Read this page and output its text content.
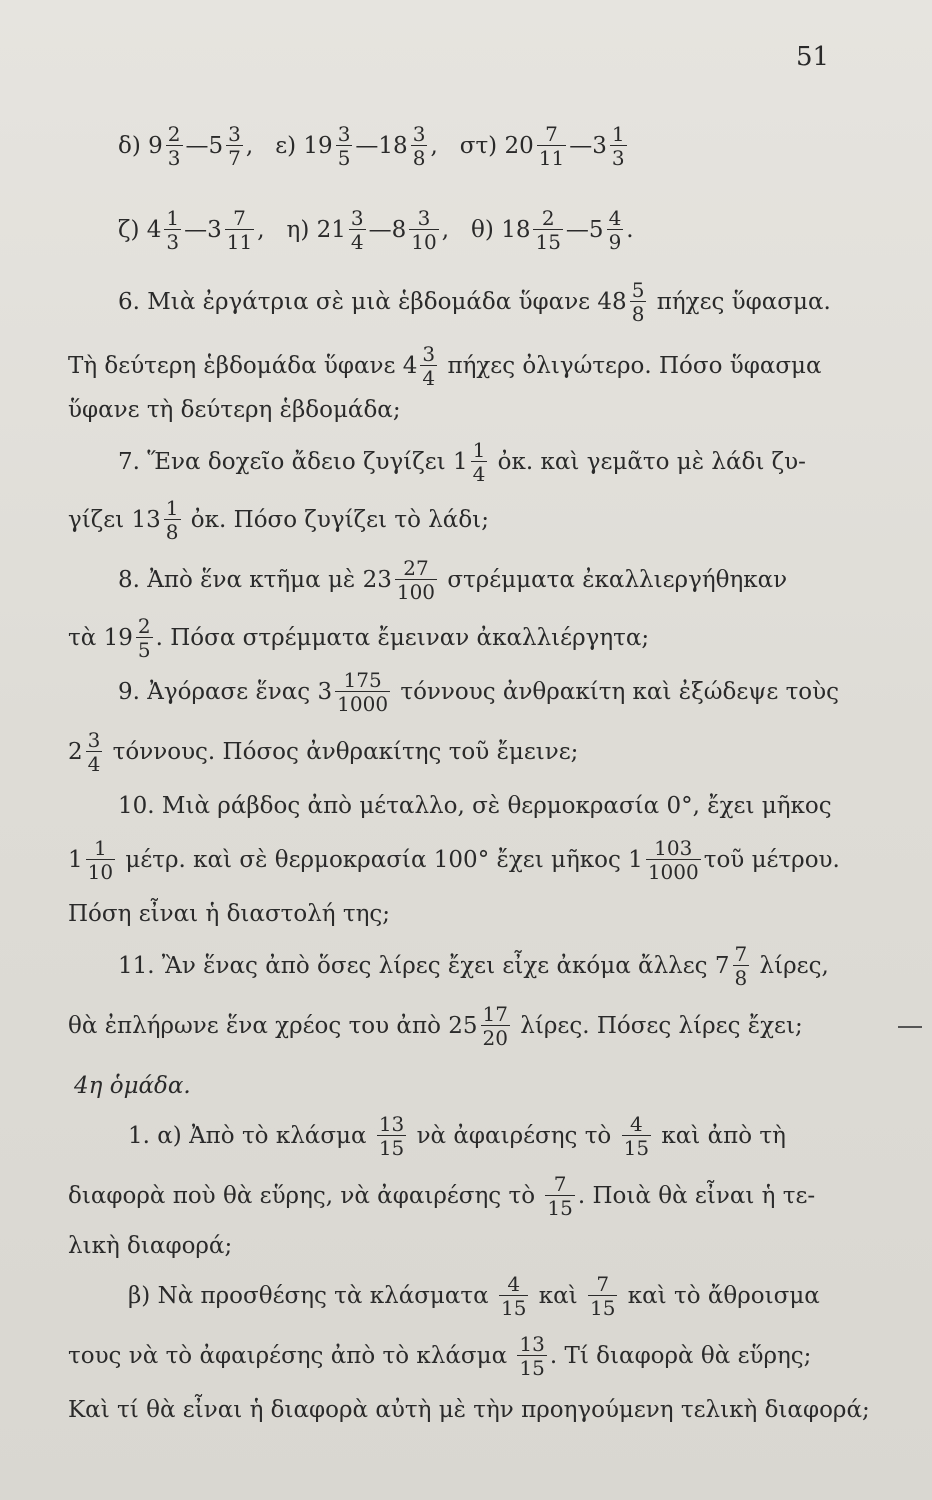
51
δ)
$9 \frac{2}{3}$ — $5 \frac{3}{7}$ , ε)
$19 \frac{3}{5}$ — $18 \frac{3}{8}$ , στ)
$20 \frac{7}{11}$ — $3 \frac{1}{3}$
ζ)
$4 \frac{1}{3}$ — $3 \frac{7}{11}$ , η)
$21 \frac{3}{4}$ — $8 \frac{3}{10}$ , θ)
$18 \frac{2}{15}$ — $5 \frac{4}{9}$ .
6. Μιὰ ἐργάτρια σὲ μιὰ ἑβδομάδα ὕφανε $48 \frac{5}{8}$ πήχες ὕφασμα.
Τὴ δεύτερη ἑβδομάδα ὕφανε $4 \frac{3}{4}$ πήχες ὀλιγώτερο. Πόσο ὕφασμα
ὕφανε τὴ δεύτερη ἑβδομάδα;
7. Ἕνα δοχεῖο ἄδειο ζυγίζει $1 \frac{1}{4}$ ὀκ. καὶ γεμᾶτο μὲ λάδι ζυ-
γίζει $13 \frac{1}{8}$ ὀκ. Πόσο ζυγίζει τὸ λάδι;
8. Ἀπὸ ἕνα κτῆμα μὲ $23 \frac{27}{100}$ στρέμματα ἐκαλλιεργήθηκαν
τὰ $19 \frac{2}{5}$ . Πόσα στρέμματα ἔμειναν ἀκαλλιέργητα;
9. Ἀγόρασε ἕνας $3 \frac{175}{1000}$ τόννους ἀνθρακίτη καὶ ἐξώδεψε τοὺς
$2 \frac{3}{4} \tau ό\nu\nu o\upsilon\varsigma$. Πόσος ἀνθρακίτης τοῦ ἔμεινε;
10. Μιὰ ράβδος ἀπὸ μέταλλο, σὲ θερμοκρασία 0°, ἔχει μῆκος
$1 \frac{1}{10} \mu έ\tau\rho$. καὶ σὲ θερμοκρασία 100° ἔχει μῆκος $1 \frac{103}{1000}$ τοῦ μέτρου.
Πόση εἶναι ἡ διαστολή της;
11. Ἂν ἕνας ἀπὸ ὅσες λίρες ἔχει εἶχε ἀκόμα ἄλλες $7 \frac{7}{8} \lambda ί\rho\varepsilon\varsigma$,
θὰ ἐπλήρωνε ἕνα χρέος του ἀπὸ $25 \frac{17}{20} \lambda ί\rho\varepsilon\varsigma$. Πόσες λίρες ἔχει;
4η ὁμάδα.
1. α) Ἀπὸ τὸ κλάσμα $\frac{13}{15}$ νὰ ἀφαιρέσης τὸ $\frac{4}{15}$ καὶ ἀπὸ τὴ
διαφορὰ ποὺ θὰ εὕρης, νὰ ἀφαιρέσης τὸ $\frac{7}{15}$ . Ποιὰ θὰ εἶναι ἡ τε-
λικὴ διαφορά;
β) Νὰ προσθέσης τὰ κλάσματα $\frac{4}{15}$ καὶ $\frac{7}{15}$ καὶ τὸ ἄθροισμα
τους νὰ τὸ ἀφαιρέσης ἀπὸ τὸ κλάσμα $\frac{13}{15}$ . Τί διαφορὰ θὰ εὕρης;
Καὶ τί θὰ εἶναι ἡ διαφορὰ αὐτὴ μὲ τὴν προηγούμενη τελικὴ διαφορά;
